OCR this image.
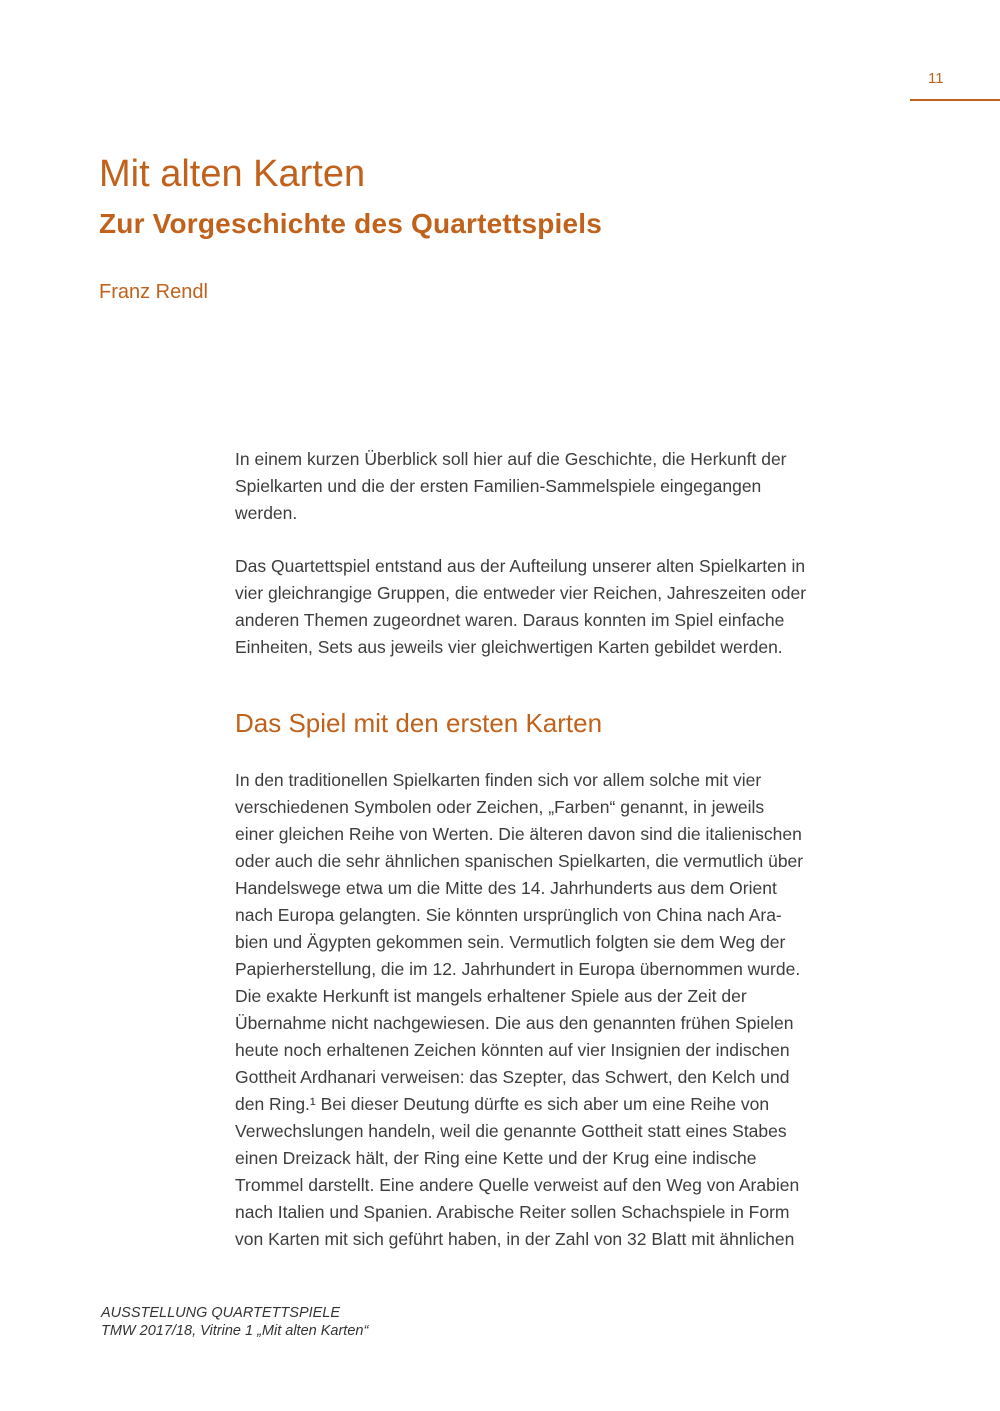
11
Mit alten Karten
Zur Vorgeschichte des Quartettspiels
Franz Rendl
In einem kurzen Überblick soll hier auf die Geschichte, die Herkunft der
Spielkarten und die der ersten Familien-Sammelspiele eingegangen
werden.
Das Quartettspiel entstand aus der Aufteilung unserer alten Spielkarten in
vier gleichrangige Gruppen, die entweder vier Reichen, Jahreszeiten oder
anderen Themen zugeordnet waren. Daraus konnten im Spiel einfache
Einheiten, Sets aus jeweils vier gleichwertigen Karten gebildet werden.
Das Spiel mit den ersten Karten
In den traditionellen Spielkarten finden sich vor allem solche mit vier
verschiedenen Symbolen oder Zeichen, „Farben“ genannt, in jeweils
einer gleichen Reihe von Werten. Die älteren davon sind die italienischen
oder auch die sehr ähnlichen spanischen Spielkarten, die vermutlich über
Handelswege etwa um die Mitte des 14. Jahrhunderts aus dem Orient
nach Europa gelangten. Sie könnten ursprünglich von China nach Ara-
bien und Ägypten gekommen sein. Vermutlich folgten sie dem Weg der
Papierherstellung, die im 12. Jahrhundert in Europa übernommen wurde.
Die exakte Herkunft ist mangels erhaltener Spiele aus der Zeit der
Übernahme nicht nachgewiesen. Die aus den genannten frühen Spielen
heute noch erhaltenen Zeichen könnten auf vier Insignien der indischen
Gottheit Ardhanari verweisen: das Szepter, das Schwert, den Kelch und
den Ring.¹ Bei dieser Deutung dürfte es sich aber um eine Reihe von
Verwechslungen handeln, weil die genannte Gottheit statt eines Stabes
einen Dreizack hält, der Ring eine Kette und der Krug eine indische
Trommel darstellt. Eine andere Quelle verweist auf den Weg von Arabien
nach Italien und Spanien. Arabische Reiter sollen Schachspiele in Form
von Karten mit sich geführt haben, in der Zahl von 32 Blatt mit ähnlichen
AUSSTELLUNG QUARTETTSPIELE
TMW 2017/18, Vitrine 1 „Mit alten Karten“
